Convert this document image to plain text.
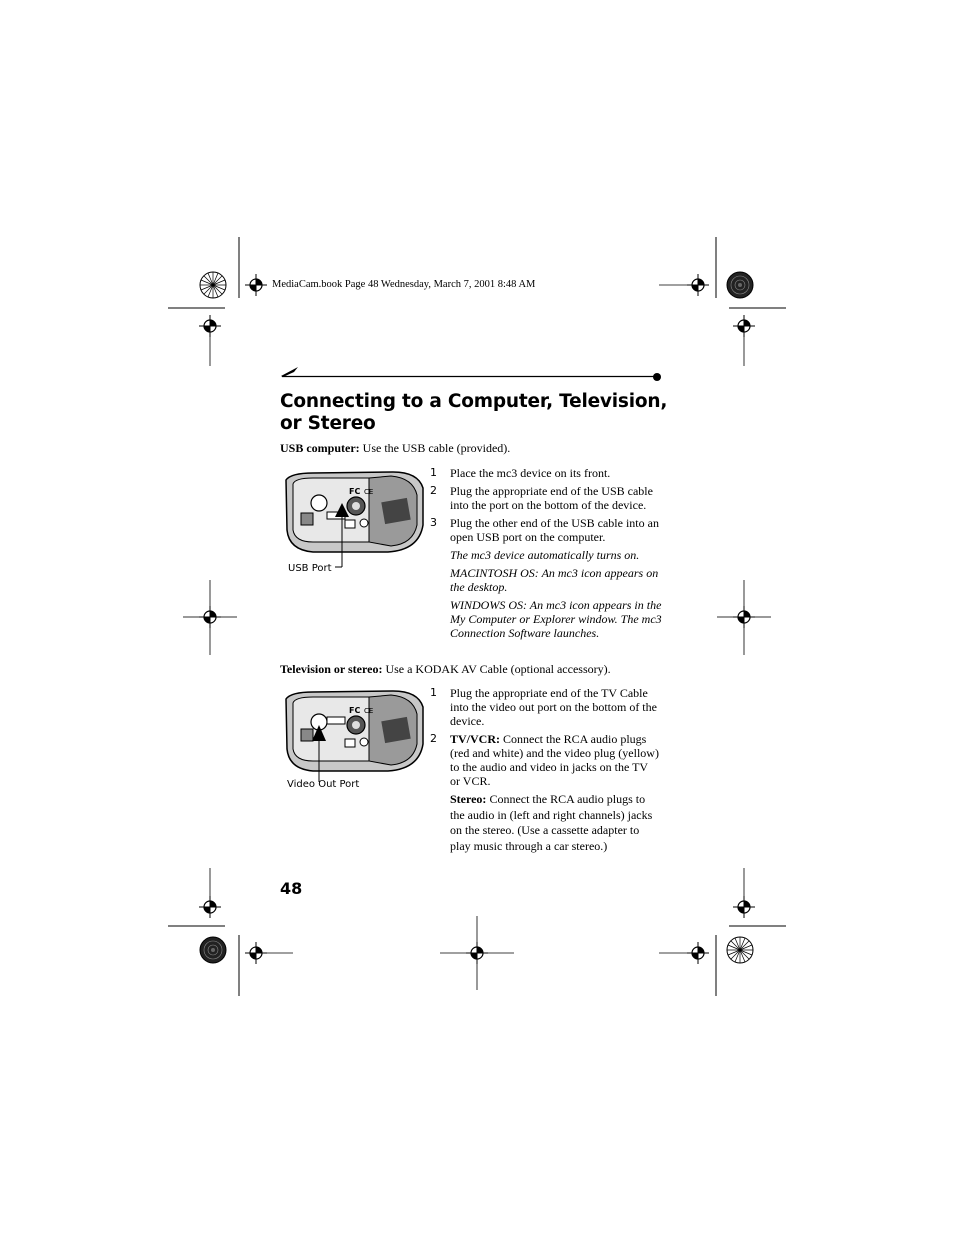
MediaCam.book Page 48 Wednesday, March 7, 2001 8:48 AM
Connecting to a Computer, Television, or Stereo
USB computer: Use the USB cable (provided).
FC CE
USB Port
1 Place the mc3 device on its front.
2 Plug the appropriate end of the USB cable into the port on the bottom of the device.
3 Plug the other end of the USB cable into an open USB port on the computer.
The mc3 device automatically turns on.
MACINTOSH OS: An mc3 icon appears on the desktop.
WINDOWS OS: An mc3 icon appears in the My Computer or Explorer window. The mc3 Connection Software launches.
Television or stereo: Use a KODAK AV Cable (optional accessory).
FC CE
Video Out Port
1 Plug the appropriate end of the TV Cable into the video out port on the bottom of the device.
2 TV/VCR: Connect the RCA audio plugs (red and white) and the video plug (yellow) to the audio and video in jacks on the TV or VCR.
Stereo: Connect the RCA audio plugs to the audio in (left and right channels) jacks on the stereo. (Use a cassette adapter to play music through a car stereo.)
48
